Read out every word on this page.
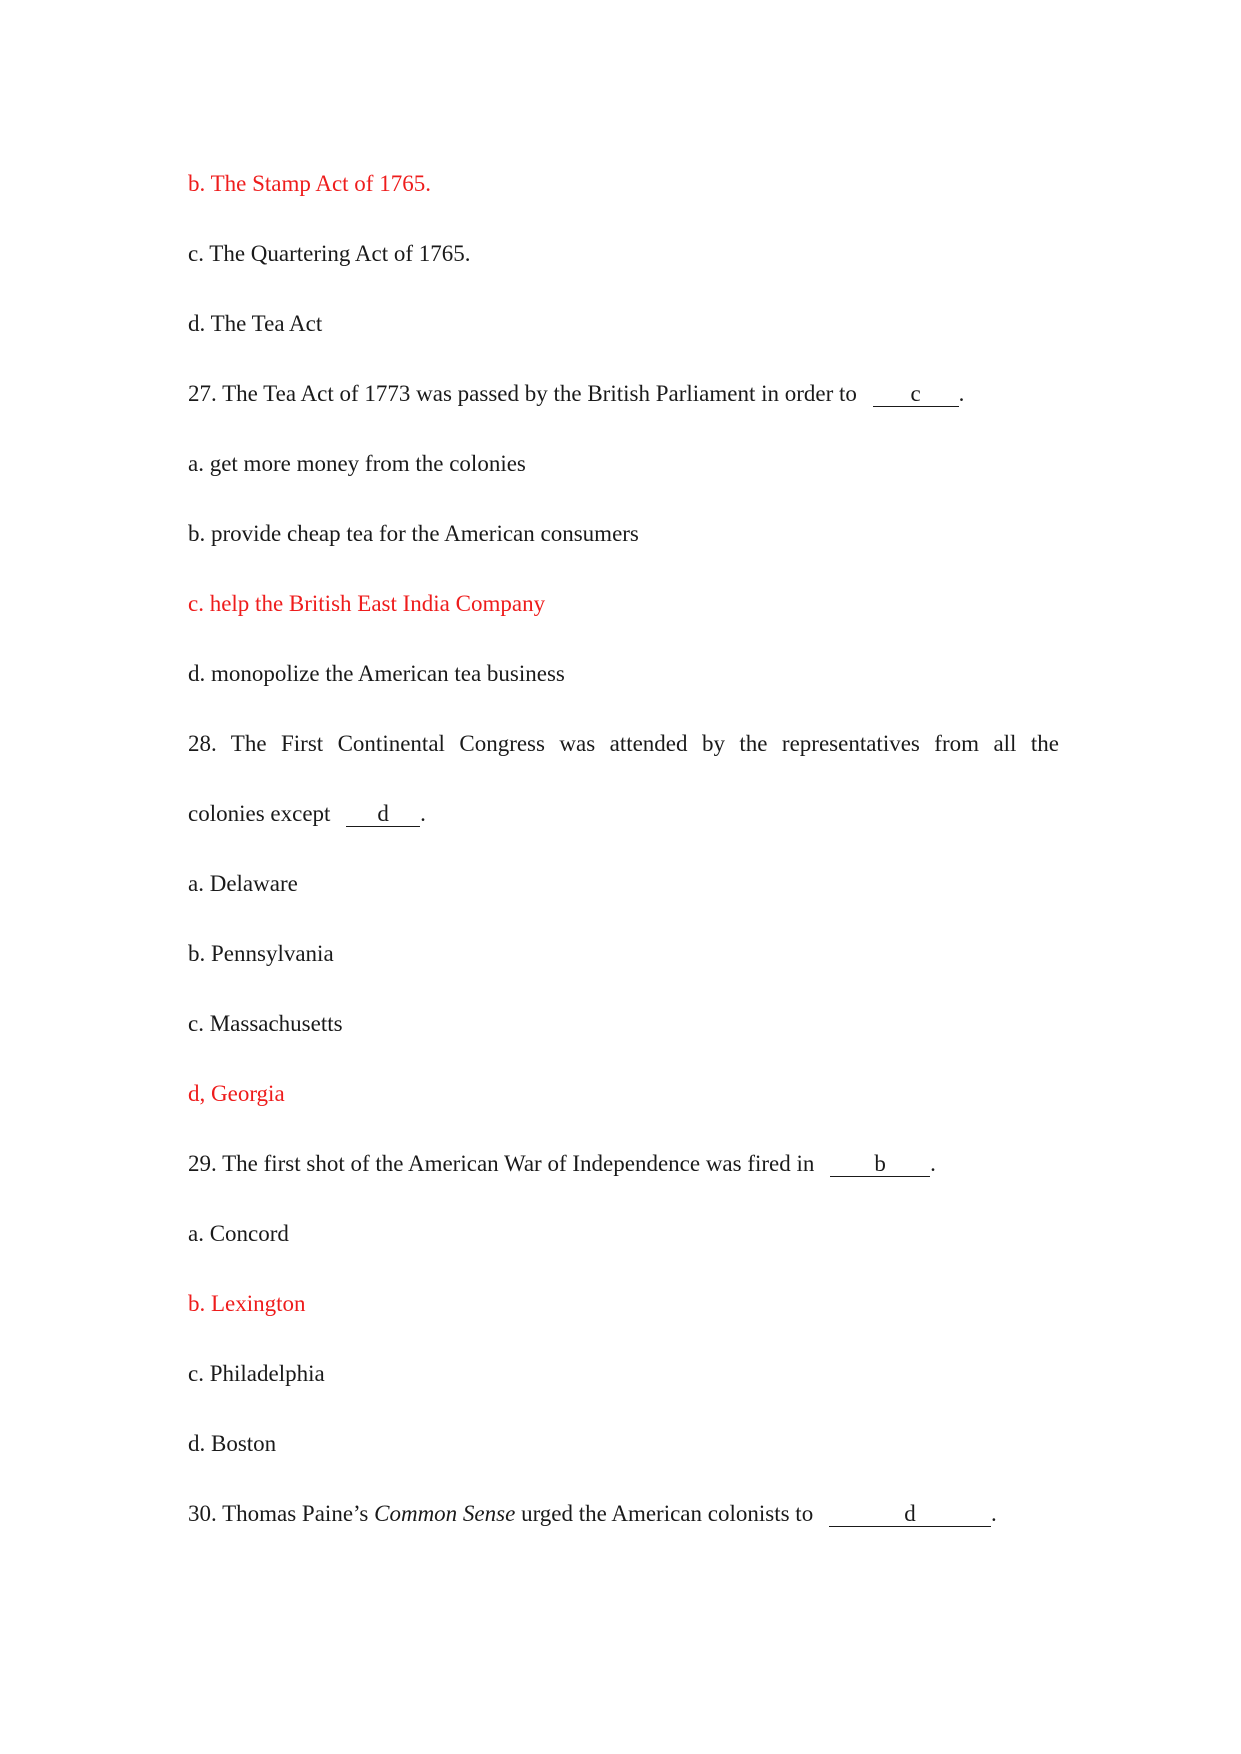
b. The Stamp Act of 1765.
c. The Quartering Act of 1765.
d. The Tea Act
27. The Tea Act of 1773 was passed by the British Parliament in order to c .
a. get more money from the colonies
b. provide cheap tea for the American consumers
c. help the British East India Company
d. monopolize the American tea business
28. The First Continental Congress was attended by the representatives from all the
colonies except d .
a. Delaware
b. Pennsylvania
c. Massachusetts
d, Georgia
29. The first shot of the American War of Independence was fired in	b .
a. Concord
b. Lexington
c. Philadelphia
d. Boston
30. Thomas Paine’s Common Sense urged the American colonists to	d	.
